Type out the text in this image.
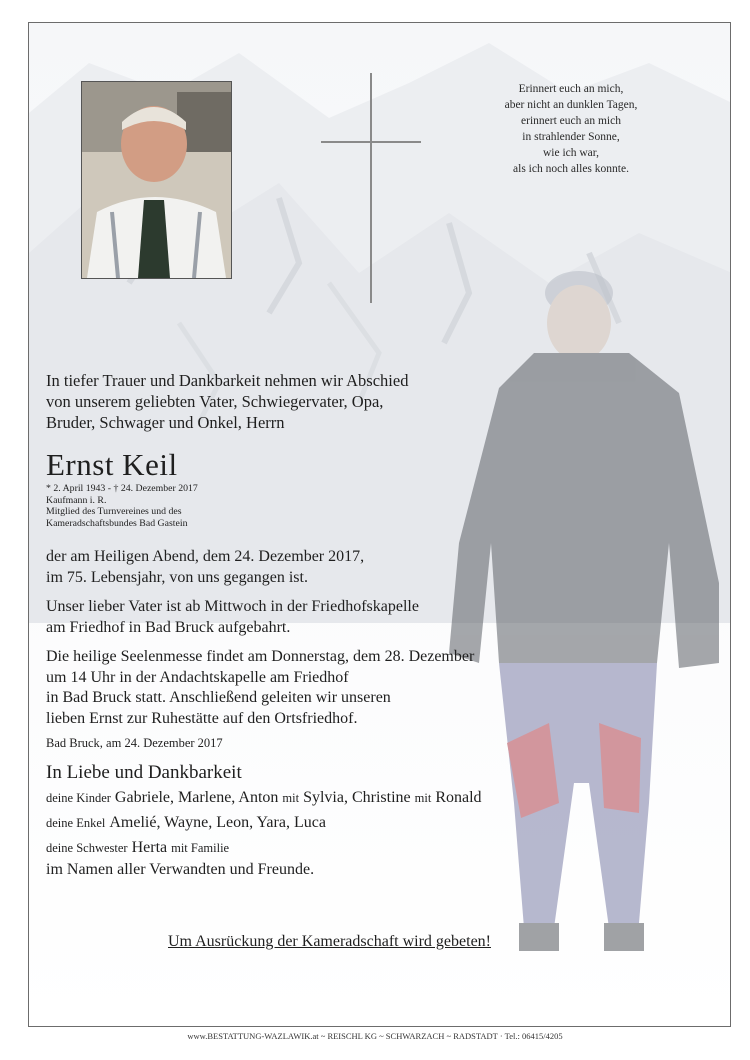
Erinnert euch an mich,
aber nicht an dunklen Tagen,
erinnert euch an mich
in strahlender Sonne,
wie ich war,
als ich noch alles konnte.
In tiefer Trauer und Dankbarkeit nehmen wir Abschied
von unserem geliebten Vater, Schwiegervater, Opa,
Bruder, Schwager und Onkel, Herrn
Ernst Keil
* 2. April 1943 - † 24. Dezember 2017
Kaufmann i. R.
Mitglied des Turnvereines und des
Kameradschaftsbundes Bad Gastein
der am Heiligen Abend, dem 24. Dezember 2017,
im 75. Lebensjahr, von uns gegangen ist.
Unser lieber Vater ist ab Mittwoch in der Friedhofskapelle
am Friedhof in Bad Bruck aufgebahrt.
Die heilige Seelenmesse findet am Donnerstag, dem 28. Dezember
um 14 Uhr in der Andachtskapelle am Friedhof
in Bad Bruck statt. Anschließend geleiten wir unseren
lieben Ernst zur Ruhestätte auf den Ortsfriedhof.
Bad Bruck, am 24. Dezember 2017
In Liebe und Dankbarkeit
deine Kinder Gabriele, Marlene, Anton mit Sylvia, Christine mit Ronald
deine Enkel Amelié, Wayne, Leon, Yara, Luca
deine Schwester Herta mit Familie
im Namen aller Verwandten und Freunde.
Um Ausrückung der Kameradschaft wird gebeten!
www.BESTATTUNG-WAZLAWIK.at ~ REISCHL KG ~ SCHWARZACH ~ RADSTADT · Tel.: 06415/4205
